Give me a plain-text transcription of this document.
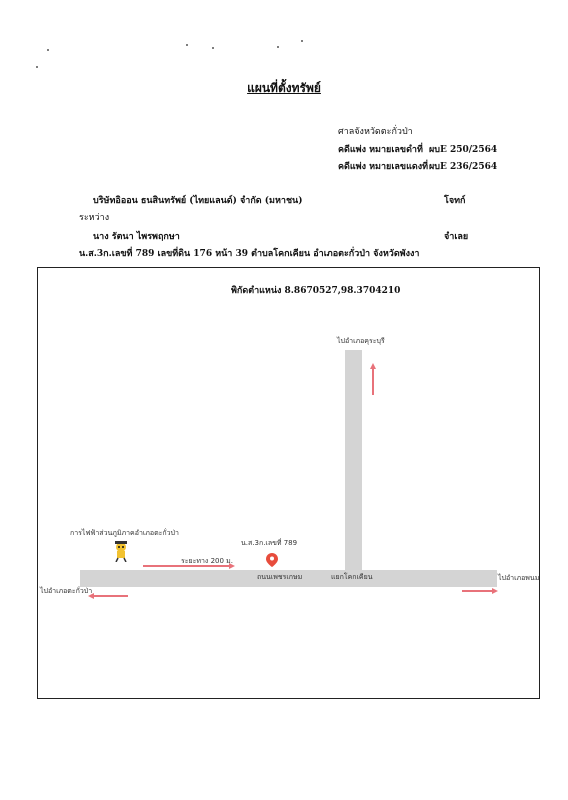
แผนที่ตั้งทรัพย์
ศาลจังหวัดตะกั่วป่า
คดีแพ่ง หมายเลขดำที่ ผบE 250/2564
คดีแพ่ง หมายเลขแดงที่ ผบE 236/2564
บริษัทอิออน ธนสินทรัพย์ (ไทยแลนด์) จำกัด (มหาชน)	โจทก์
ระหว่าง
นาง รัตนา ไพรพฤกษา	จำเลย
น.ส.3ก.เลขที่ 789 เลขที่ดิน 176 หน้า 39 ตำบลโคกเคียน อำเภอตะกั่วป่า จังหวัดพังงา
พิกัดตำแหน่ง 8.8670527,98.3704210
ไปอำเภอคุระบุรี
การไฟฟ้าส่วนภูมิภาคอำเภอตะกั่วป่า
ระยะทาง 200 ม.
น.ส.3ก.เลขที่ 789
ถนนเพชรเกษม	แยกโคกเคียน
ไปอำเภอตะกั่วป่า
ไปอำเภอพนม
